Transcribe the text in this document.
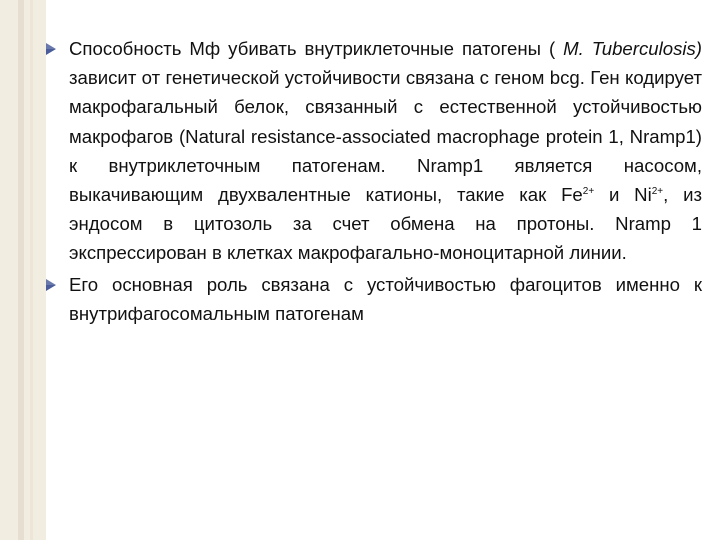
Способность Мф убивать внутриклеточные патогены ( M. Tuberculosis) зависит от генетической устойчивости связана с геном bcg. Ген кодирует макрофагальный белок, связанный с естественной устойчивостью макрофагов (Natural resistance-associated macrophage protein 1, Nramp1) к внутриклеточным патогенам. Nramp1 является насосом, выкачивающим двухвалентные катионы, такие как $Fe^{2+}$ и $Ni^{2+}$, из эндосом в цитозоль за счет обмена на протоны. Nramp 1 экспрессирован в клетках макрофагально-моноцитарной линии.
Его основная роль связана с устойчивостью фагоцитов именно к внутрифагосомальным патогенам
